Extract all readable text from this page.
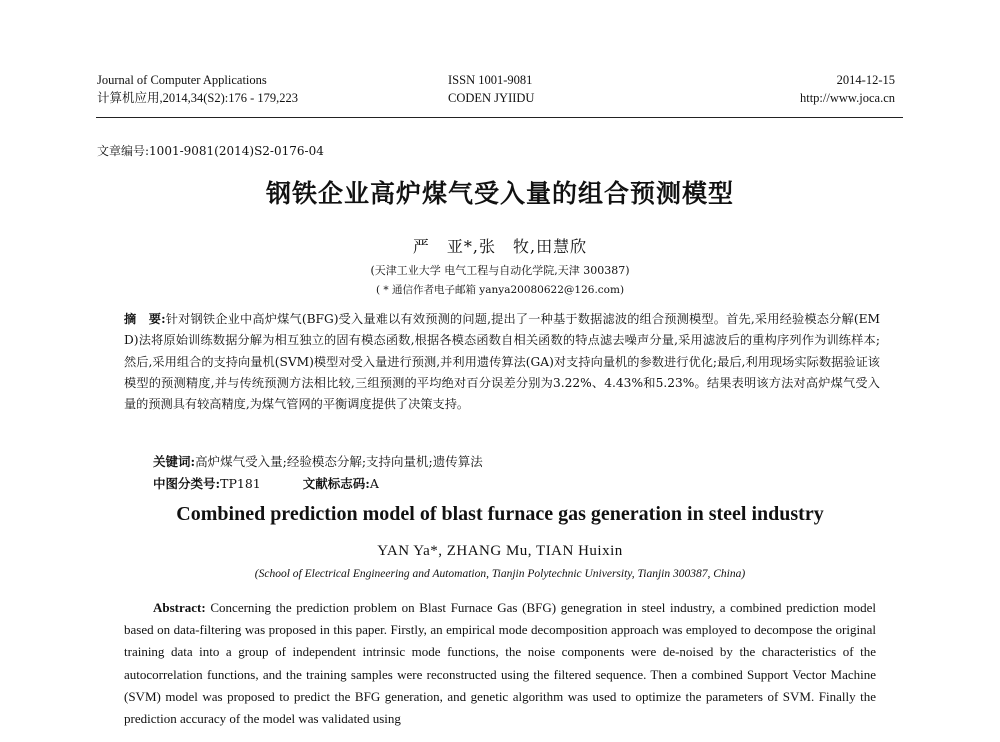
Journal of Computer Applications
计算机应用,2014,34(S2):176 - 179,223
ISSN 1001-9081
CODEN JYIIDU
2014-12-15
http://www.joca.cn
文章编号:1001-9081(2014)S2-0176-04
钢铁企业高炉煤气受入量的组合预测模型
严　亚*,张　牧,田慧欣
(天津工业大学 电气工程与自动化学院,天津 300387)
( * 通信作者电子邮箱 yanya20080622@126.com)
摘　要:针对钢铁企业中高炉煤气(BFG)受入量难以有效预测的问题,提出了一种基于数据滤波的组合预测模型。首先,采用经验模态分解(EMD)法将原始训练数据分解为相互独立的固有模态函数,根据各模态函数自相关函数的特点滤去噪声分量,采用滤波后的重构序列作为训练样本;然后,采用组合的支持向量机(SVM)模型对受入量进行预测,并利用遗传算法(GA)对支持向量机的参数进行优化;最后,利用现场实际数据验证该模型的预测精度,并与传统预测方法相比较,三组预测的平均绝对百分误差分别为3.22%、4.43%和5.23%。结果表明该方法对高炉煤气受入量的预测具有较高精度,为煤气管网的平衡调度提供了决策支持。
关键词:高炉煤气受入量;经验模态分解;支持向量机;遗传算法
中图分类号:TP181	文献标志码:A
Combined prediction model of blast furnace gas generation in steel industry
YAN Ya*, ZHANG Mu, TIAN Huixin
(School of Electrical Engineering and Automation, Tianjin Polytechnic University, Tianjin 300387, China)
Abstract: Concerning the prediction problem on Blast Furnace Gas (BFG) genegration in steel industry, a combined prediction model based on data-filtering was proposed in this paper. Firstly, an empirical mode decomposition approach was employed to decompose the original training data into a group of independent intrinsic mode functions, the noise components were de-noised by the characteristics of the autocorrelation functions, and the training samples were reconstructed using the filtered sequence. Then a combined Support Vector Machine (SVM) model was proposed to predict the BFG generation, and genetic algorithm was used to optimize the parameters of SVM. Finally the prediction accuracy of the model was validated using
